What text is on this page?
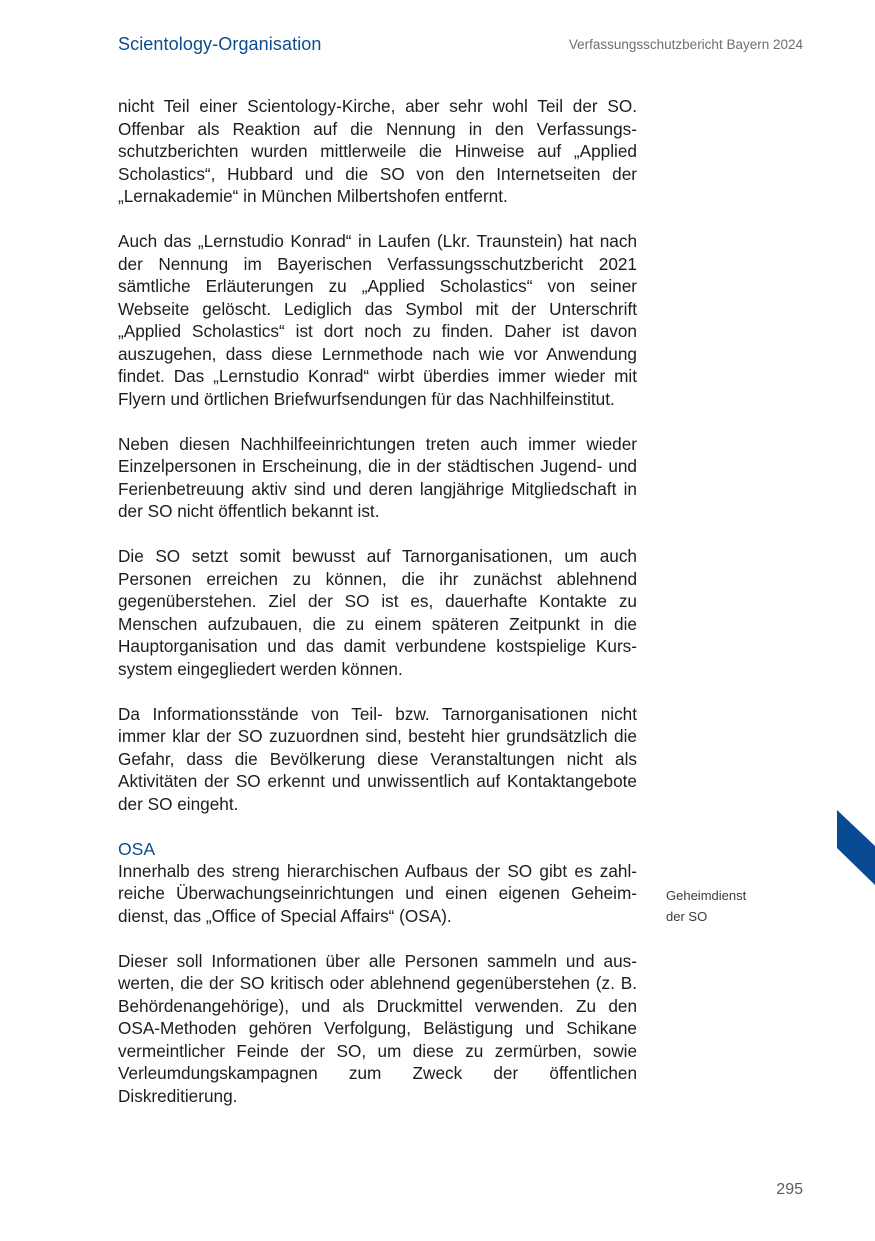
Scientology-Organisation	Verfassungsschutzbericht Bayern 2024

nicht Teil einer Scientology-Kirche, aber sehr wohl Teil der SO. Offenbar als Reaktion auf die Nennung in den Verfassungsschutzberichten wurden mittlerweile die Hinweise auf „Applied Scholastics“, Hubbard und die SO von den Internetseiten der „Lernakademie“ in München Milbertshofen entfernt.

Auch das „Lernstudio Konrad“ in Laufen (Lkr. Traunstein) hat nach der Nennung im Bayerischen Verfassungsschutzbericht 2021 sämtliche Erläuterungen zu „Applied Scholastics“ von seiner Webseite gelöscht. Lediglich das Symbol mit der Unterschrift „Applied Scholastics“ ist dort noch zu finden. Daher ist davon auszugehen, dass diese Lernmethode nach wie vor Anwendung findet. Das „Lernstudio Konrad“ wirbt überdies immer wieder mit Flyern und örtlichen Briefwurfsendungen für das Nachhilfeinstitut.

Neben diesen Nachhilfeeinrichtungen treten auch immer wieder Einzelpersonen in Erscheinung, die in der städtischen Jugend- und Ferienbetreuung aktiv sind und deren langjährige Mitgliedschaft in der SO nicht öffentlich bekannt ist.

Die SO setzt somit bewusst auf Tarnorganisationen, um auch Personen erreichen zu können, die ihr zunächst ablehnend gegenüberstehen. Ziel der SO ist es, dauerhafte Kontakte zu Menschen aufzubauen, die zu einem späteren Zeitpunkt in die Hauptorganisation und das damit verbundene kostspielige Kurssystem eingegliedert werden können.

Da Informationsstände von Teil- bzw. Tarnorganisationen nicht immer klar der SO zuzuordnen sind, besteht hier grundsätzlich die Gefahr, dass die Bevölkerung diese Veranstaltungen nicht als Aktivitäten der SO erkennt und unwissentlich auf Kontaktangebote der SO eingeht.

OSA

Innerhalb des streng hierarchischen Aufbaus der SO gibt es zahlreiche Überwachungseinrichtungen und einen eigenen Geheimdienst, das „Office of Special Affairs“ (OSA).

Dieser soll Informationen über alle Personen sammeln und auswerten, die der SO kritisch oder ablehnend gegenüberstehen (z. B. Behördenangehörige), und als Druckmittel verwenden. Zu den OSA-Methoden gehören Verfolgung, Belästigung und Schikane vermeintlicher Feinde der SO, um diese zu zermürben, sowie Verleumdungskampagnen zum Zweck der öffentlichen Diskreditierung.

Geheimdienst
der SO
295
